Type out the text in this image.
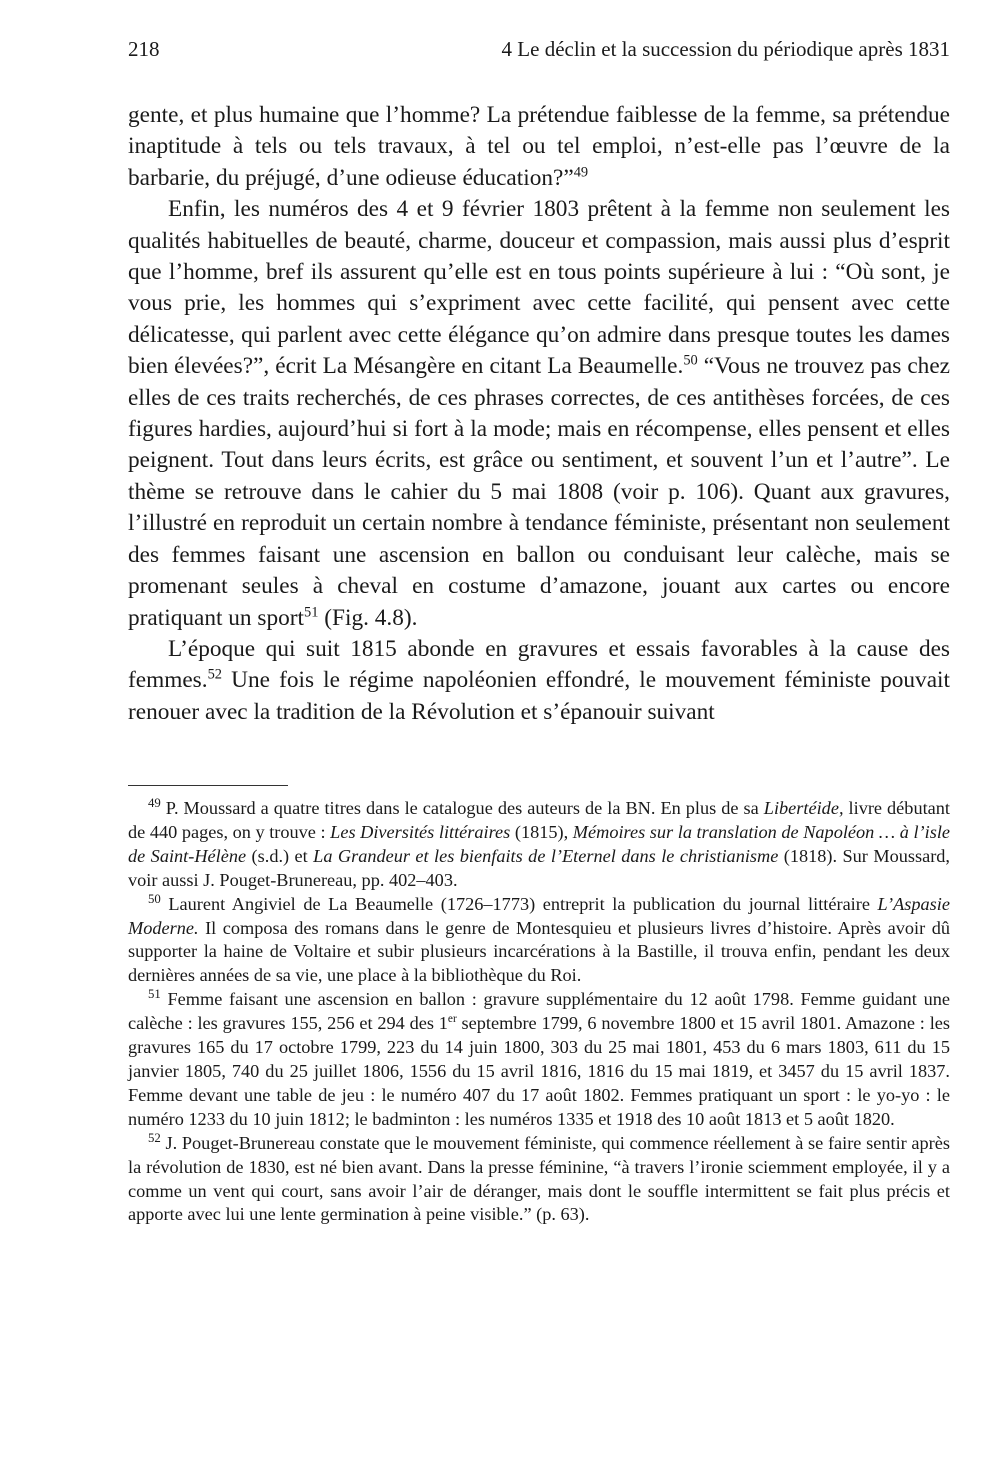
218	4 Le déclin et la succession du périodique après 1831

gente, et plus humaine que l’homme? La prétendue faiblesse de la femme, sa prétendue inaptitude à tels ou tels travaux, à tel ou tel emploi, n’est-elle pas l’œuvre de la barbarie, du préjugé, d’une odieuse éducation?”$^{49}$

Enfin, les numéros des 4 et 9 février 1803 prêtent à la femme non seulement les qualités habituelles de beauté, charme, douceur et compassion, mais aussi plus d’esprit que l’homme, bref ils assurent qu’elle est en tous points supérieure à lui : “Où sont, je vous prie, les hommes qui s’expriment avec cette facilité, qui pensent avec cette délicatesse, qui parlent avec cette élégance qu’on admire dans presque toutes les dames bien élevées?”, écrit La Mésangère en citant La Beaumelle.$^{50}$ “Vous ne trouvez pas chez elles de ces traits recherchés, de ces phrases correctes, de ces antithèses forcées, de ces figures hardies, aujourd’hui si fort à la mode; mais en récompense, elles pensent et elles peignent. Tout dans leurs écrits, est grâce ou sentiment, et souvent l’un et l’autre”. Le thème se retrouve dans le cahier du 5 mai 1808 (voir p. 106). Quant aux gravures, l’illustré en reproduit un certain nombre à tendance féministe, présentant non seulement des femmes faisant une ascension en ballon ou conduisant leur calèche, mais se promenant seules à cheval en costume d’amazone, jouant aux cartes ou encore pratiquant un sport$^{51}$ (Fig. 4.8).

L’époque qui suit 1815 abonde en gravures et essais favorables à la cause des femmes.$^{52}$ Une fois le régime napoléonien effondré, le mouvement féministe pouvait renouer avec la tradition de la Révolution et s’épanouir suivant

$^{49}$ P. Moussard a quatre titres dans le catalogue des auteurs de la BN. En plus de sa Libertéide, livre débutant de 440 pages, on y trouve : Les Diversités littéraires (1815), Mémoires sur la translation de Napoléon … à l’isle de Saint-Hélène (s.d.) et La Grandeur et les bienfaits de l’Eternel dans le christianisme (1818). Sur Moussard, voir aussi J. Pouget-Brunereau, pp. 402–403.

$^{50}$ Laurent Angiviel de La Beaumelle (1726–1773) entreprit la publication du journal littéraire L’Aspasie Moderne. Il composa des romans dans le genre de Montesquieu et plusieurs livres d’histoire. Après avoir dû supporter la haine de Voltaire et subir plusieurs incarcérations à la Bastille, il trouva enfin, pendant les deux dernières années de sa vie, une place à la bibliothèque du Roi.

$^{51}$ Femme faisant une ascension en ballon : gravure supplémentaire du 12 août 1798. Femme guidant une calèche : les gravures 155, 256 et 294 des 1er septembre 1799, 6 novembre 1800 et 15 avril 1801. Amazone : les gravures 165 du 17 octobre 1799, 223 du 14 juin 1800, 303 du 25 mai 1801, 453 du 6 mars 1803, 611 du 15 janvier 1805, 740 du 25 juillet 1806, 1556 du 15 avril 1816, 1816 du 15 mai 1819, et 3457 du 15 avril 1837. Femme devant une table de jeu : le numéro 407 du 17 août 1802. Femmes pratiquant un sport : le yo-yo : le numéro 1233 du 10 juin 1812; le badminton : les numéros 1335 et 1918 des 10 août 1813 et 5 août 1820.

$^{52}$ J. Pouget-Brunereau constate que le mouvement féministe, qui commence réellement à se faire sentir après la révolution de 1830, est né bien avant. Dans la presse féminine, “à travers l’ironie sciemment employée, il y a comme un vent qui court, sans avoir l’air de déranger, mais dont le souffle intermittent se fait plus précis et apporte avec lui une lente germination à peine visible.” (p. 63).
